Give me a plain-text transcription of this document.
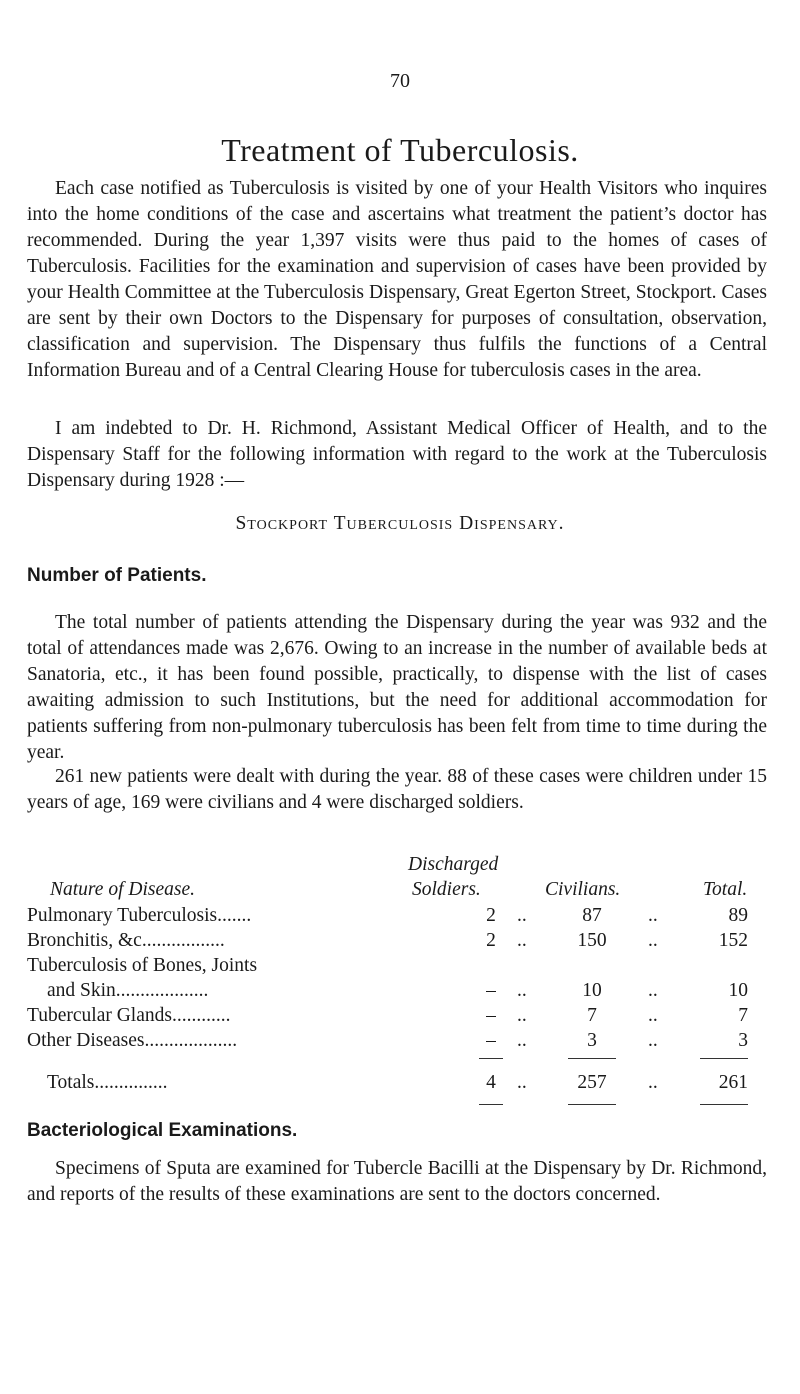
70
Treatment of Tuberculosis.

Each case notified as Tuberculosis is visited by one of your Health Visitors who inquires into the home conditions of the case and ascertains what treatment the patient’s doctor has recommended. During the year 1,397 visits were thus paid to the homes of cases of Tuberculosis. Facilities for the examination and supervision of cases have been provided by your Health Committee at the Tuberculosis Dispensary, Great Egerton Street, Stockport. Cases are sent by their own Doctors to the Dispensary for purposes of consultation, observation, classification and supervision. The Dispensary thus fulfils the functions of a Central Information Bureau and of a Central Clearing House for tuberculosis cases in the area.

I am indebted to Dr. H. Richmond, Assistant Medical Officer of Health, and to the Dispensary Staff for the following information with regard to the work at the Tuberculosis Dispensary during 1928 :—

Stockport Tuberculosis Dispensary.
Number of Patients.

The total number of patients attending the Dispensary during the year was 932 and the total of attendances made was 2,676. Owing to an increase in the number of available beds at Sanatoria, etc., it has been found possible, practically, to dispense with the list of cases awaiting admission to such Institutions, but the need for additional accommodation for patients suffering from non-pulmonary tuberculosis has been felt from time to time during the year.

261 new patients were dealt with during the year. 88 of these cases were children under 15 years of age, 169 were civilians and 4 were discharged soldiers.

Discharged
Nature of Disease.	Soldiers.	Civilians.	Total.
Pulmonary Tuberculosis.......	2	..	87	..	89
Bronchitis, &c.................	2	..	150	..	152
Tuberculosis of Bones, Joints
and Skin...................	–	..	10	..	10
Tubercular Glands............	–	..	7	..	7
Other Diseases...................	–	..	3	..	3
Totals...............	4	..	257	..	261
Bacteriological Examinations.

Specimens of Sputa are examined for Tubercle Bacilli at the Dispensary by Dr. Richmond, and reports of the results of these examinations are sent to the doctors concerned.
